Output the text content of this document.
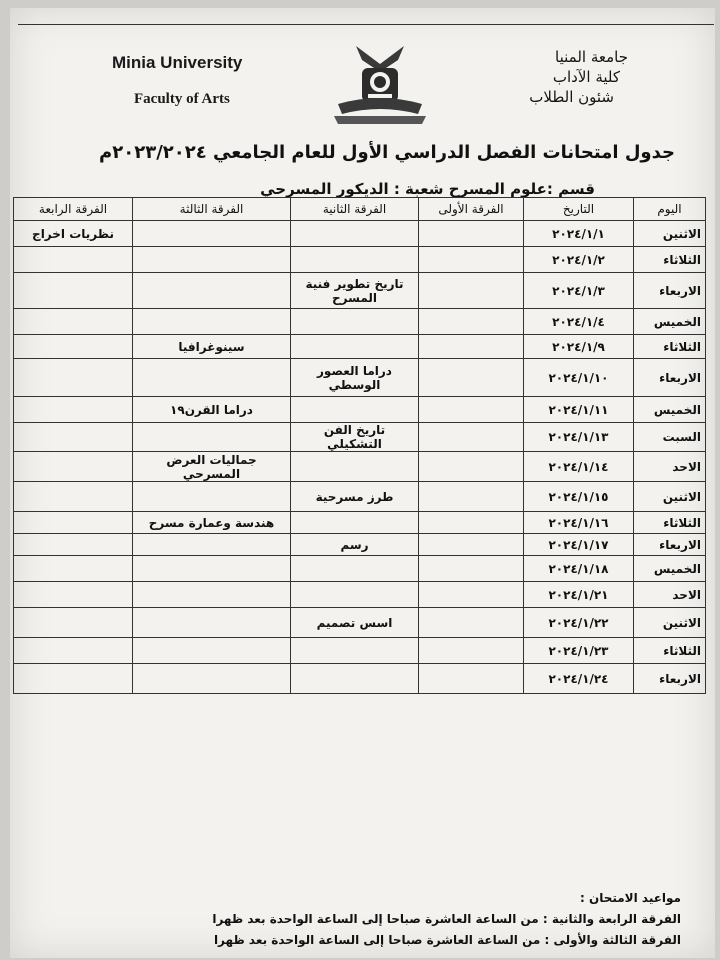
Minia University
Faculty of Arts
جامعة المنيا
كلية الآداب
شئون الطلاب
جدول امتحانات الفصل الدراسي الأول للعام الجامعي ٢٠٢٣/٢٠٢٤م
قسم :علوم المسرح شعبة : الديكور المسرحي
اليوم	التاريخ	الفرقة الأولى	الفرقة الثانية	الفرقة الثالثة	الفرقة الرابعة
الاثنين	٢٠٢٤/١/١				نظريات اخراج
الثلاثاء	٢٠٢٤/١/٢				
الاربعاء	٢٠٢٤/١/٣		تاريخ تطوير فنية المسرح		
الخميس	٢٠٢٤/١/٤				
الثلاثاء	٢٠٢٤/١/٩			سينوغرافيا	
الاربعاء	٢٠٢٤/١/١٠		دراما العصور الوسطي		
الخميس	٢٠٢٤/١/١١			دراما القرن١٩	
السبت	٢٠٢٤/١/١٣		تاريخ الفن التشكيلي		
الاحد	٢٠٢٤/١/١٤			جماليات العرض المسرحي	
الاثنين	٢٠٢٤/١/١٥		طرز مسرحية		
الثلاثاء	٢٠٢٤/١/١٦			هندسة وعمارة مسرح	
الاربعاء	٢٠٢٤/١/١٧		رسم		
الخميس	٢٠٢٤/١/١٨				
الاحد	٢٠٢٤/١/٢١				
الاثنين	٢٠٢٤/١/٢٢		اسس تصميم		
الثلاثاء	٢٠٢٤/١/٢٣				
الاربعاء	٢٠٢٤/١/٢٤				
مواعيد الامتحان :
الفرقة الرابعة والثانية : من الساعة العاشرة صباحا إلى الساعة الواحدة بعد ظهرا
الفرقة الثالثة والأولى : من الساعة العاشرة صباحا إلى الساعة الواحدة بعد ظهرا
